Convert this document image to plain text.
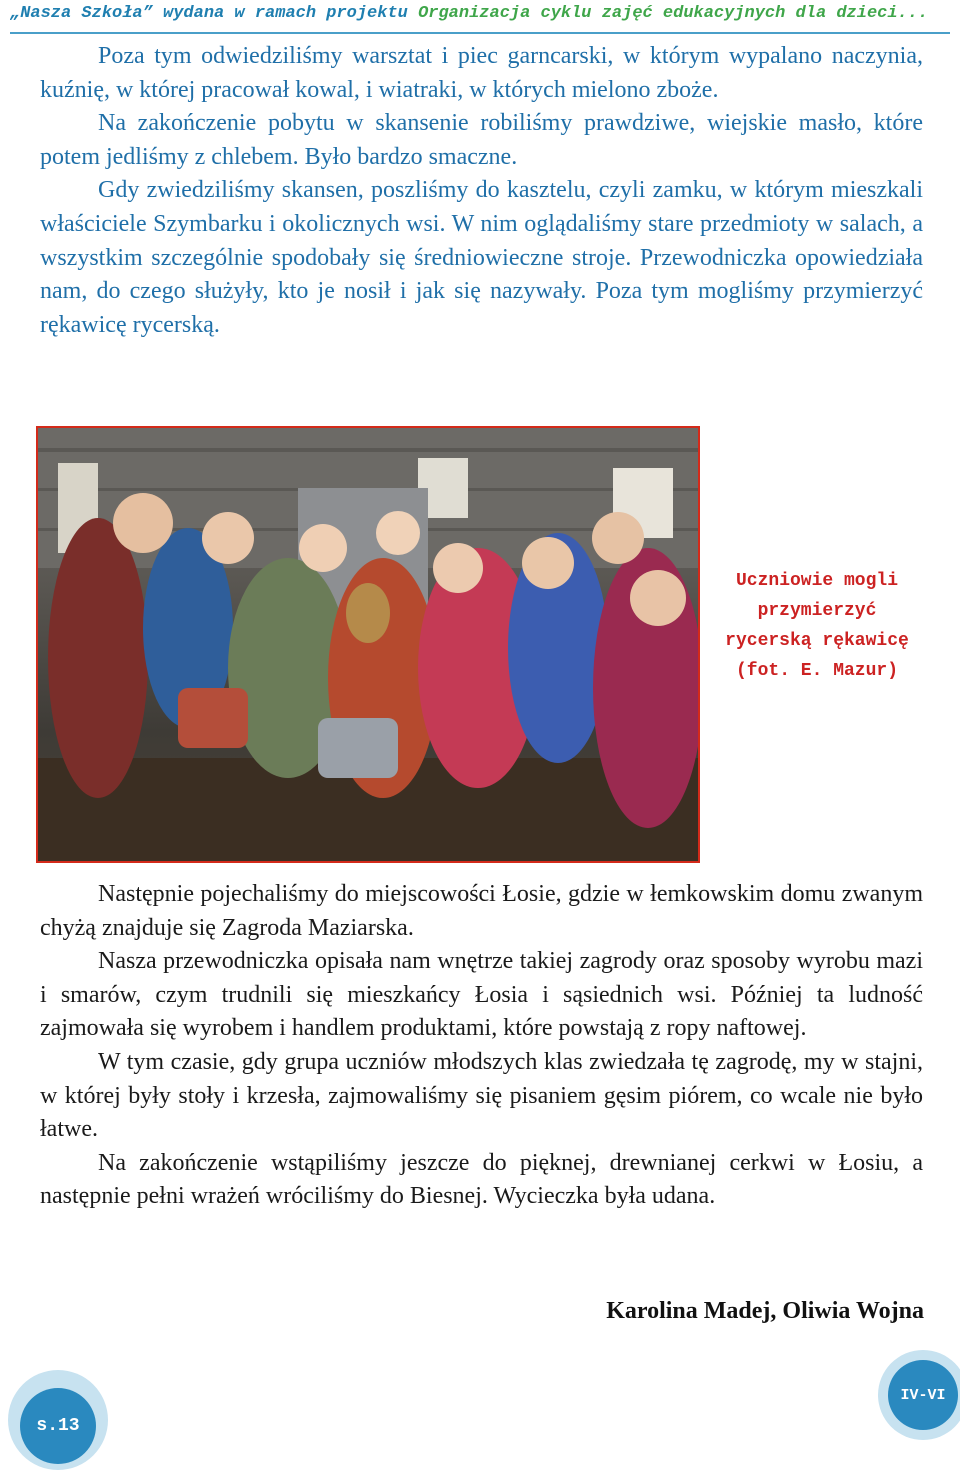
„Nasza Szkoła” wydana w ramach projektu Organizacja cyklu zajęć edukacyjnych dla dzieci...

Poza tym odwiedziliśmy warsztat i piec garncarski, w którym wypalano naczynia, kuźnię, w której pracował kowal, i wiatraki, w których mielono zboże.

Na zakończenie pobytu w skansenie robiliśmy prawdziwe, wiejskie masło, które potem jedliśmy z chlebem. Było bardzo smaczne.

Gdy zwiedziliśmy skansen, poszliśmy do kasztelu, czyli zamku, w którym mieszkali właściciele Szymbarku i okolicznych wsi. W nim oglądaliśmy stare przedmioty w salach, a wszystkim szczególnie spodobały się średniowieczne stroje. Przewodniczka opowiedziała nam, do czego służyły, kto je nosił i jak się nazywały. Poza tym mogliśmy przymierzyć rękawicę rycerską.

Uczniowie mogli
przymierzyć
rycerską rękawicę
(fot. E. Mazur)

Następnie pojechaliśmy do miejscowości Łosie, gdzie w łemkowskim domu zwanym chyżą znajduje się Zagroda Maziarska.

Nasza przewodniczka opisała nam wnętrze takiej zagrody oraz sposoby wyrobu mazi i smarów, czym trudnili się mieszkańcy Łosia i sąsiednich wsi. Później ta ludność zajmowała się wyrobem i handlem produktami, które powstają z ropy naftowej.

W tym czasie, gdy grupa uczniów młodszych klas zwiedzała tę zagrodę, my w stajni, w której były stoły i krzesła, zajmowaliśmy się pisaniem gęsim piórem, co wcale nie było łatwe.

Na zakończenie wstąpiliśmy jeszcze do pięknej, drewnianej cerkwi w Łosiu, a następnie pełni wrażeń wróciliśmy do Biesnej. Wycieczka była udana.

Karolina Madej, Oliwia Wojna
s.13
IV-VI
